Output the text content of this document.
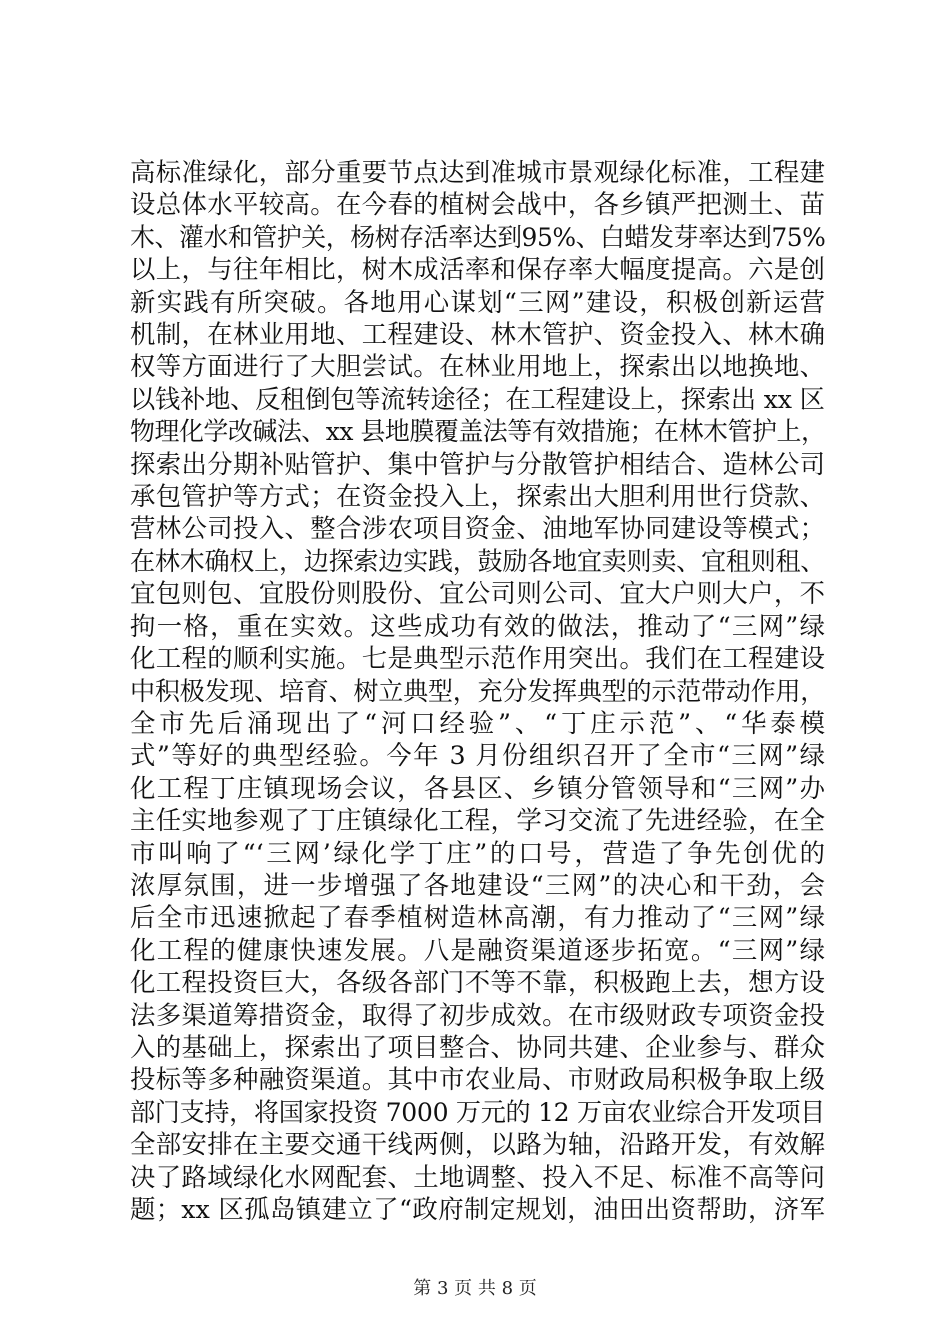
高标准绿化，部分重要节点达到准城市景观绿化标准，工程建
设总体水平较高。在今春的植树会战中，各乡镇严把测土、苗
木、灌水和管护关，杨树存活率达到95%、白蜡发芽率达到75%
以上，与往年相比，树木成活率和保存率大幅度提高。六是创
新实践有所突破。各地用心谋划“三网”建设，积极创新运营
机制，在林业用地、工程建设、林木管护、资金投入、林木确
权等方面进行了大胆尝试。在林业用地上，探索出以地换地、
以钱补地、反租倒包等流转途径；在工程建设上，探索出 xx 区
物理化学改碱法、xx 县地膜覆盖法等有效措施；在林木管护上，
探索出分期补贴管护、集中管护与分散管护相结合、造林公司
承包管护等方式；在资金投入上，探索出大胆利用世行贷款、
营林公司投入、整合涉农项目资金、油地军协同建设等模式；
在林木确权上，边探索边实践，鼓励各地宜卖则卖、宜租则租、
宜包则包、宜股份则股份、宜公司则公司、宜大户则大户，不
拘一格，重在实效。这些成功有效的做法，推动了“三网”绿
化工程的顺利实施。七是典型示范作用突出。我们在工程建设
中积极发现、培育、树立典型，充分发挥典型的示范带动作用，
全市先后涌现出了“河口经验”、“丁庄示范”、“华泰模
式”等好的典型经验。今年 3 月份组织召开了全市“三网”绿
化工程丁庄镇现场会议，各县区、乡镇分管领导和“三网”办
主任实地参观了丁庄镇绿化工程，学习交流了先进经验，在全
市叫响了“‘三网’绿化学丁庄”的口号，营造了争先创优的
浓厚氛围，进一步增强了各地建设“三网”的决心和干劲，会
后全市迅速掀起了春季植树造林高潮，有力推动了“三网”绿
化工程的健康快速发展。八是融资渠道逐步拓宽。“三网”绿
化工程投资巨大，各级各部门不等不靠，积极跑上去，想方设
法多渠道筹措资金，取得了初步成效。在市级财政专项资金投
入的基础上，探索出了项目整合、协同共建、企业参与、群众
投标等多种融资渠道。其中市农业局、市财政局积极争取上级
部门支持，将国家投资 7000 万元的 12 万亩农业综合开发项目
全部安排在主要交通干线两侧，以路为轴，沿路开发，有效解
决了路域绿化水网配套、土地调整、投入不足、标准不高等问
题；xx 区孤岛镇建立了“政府制定规划，油田出资帮助，济军
第 3 页 共 8 页
